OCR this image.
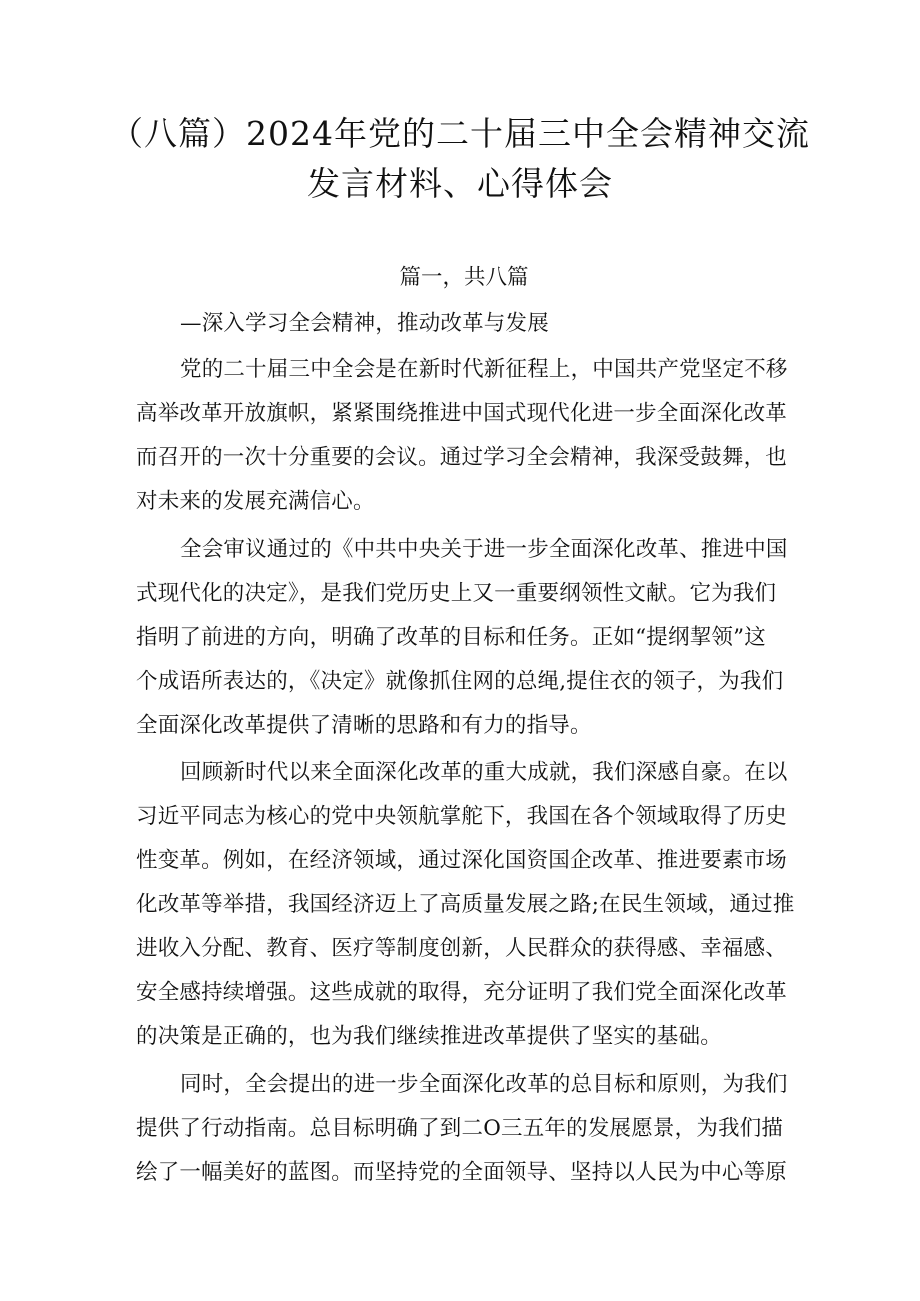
（八篇）2024年党的二十届三中全会精神交流
发言材料、心得体会
篇一，共八篇
—深入学习全会精神，推动改革与发展
党的二十届三中全会是在新时代新征程上，中国共产党坚定不移
高举改革开放旗帜，紧紧围绕推进中国式现代化进一步全面深化改革
而召开的一次十分重要的会议。通过学习全会精神，我深受鼓舞，也
对未来的发展充满信心。
全会审议通过的《中共中央关于进一步全面深化改革、推进中国
式现代化的决定》，是我们党历史上又一重要纲领性文献。它为我们
指明了前进的方向，明确了改革的目标和任务。正如“提纲挈领”这
个成语所表达的，《决定》就像抓住网的总绳,提住衣的领子，为我们
全面深化改革提供了清晰的思路和有力的指导。
回顾新时代以来全面深化改革的重大成就，我们深感自豪。在以
习近平同志为核心的党中央领航掌舵下，我国在各个领域取得了历史
性变革。例如，在经济领域，通过深化国资国企改革、推进要素市场
化改革等举措，我国经济迈上了高质量发展之路;在民生领域，通过推
进收入分配、教育、医疗等制度创新，人民群众的获得感、幸福感、
安全感持续增强。这些成就的取得，充分证明了我们党全面深化改革
的决策是正确的，也为我们继续推进改革提供了坚实的基础。
同时，全会提出的进一步全面深化改革的总目标和原则，为我们
提供了行动指南。总目标明确了到二O三五年的发展愿景，为我们描
绘了一幅美好的蓝图。而坚持党的全面领导、坚持以人民为中心等原
